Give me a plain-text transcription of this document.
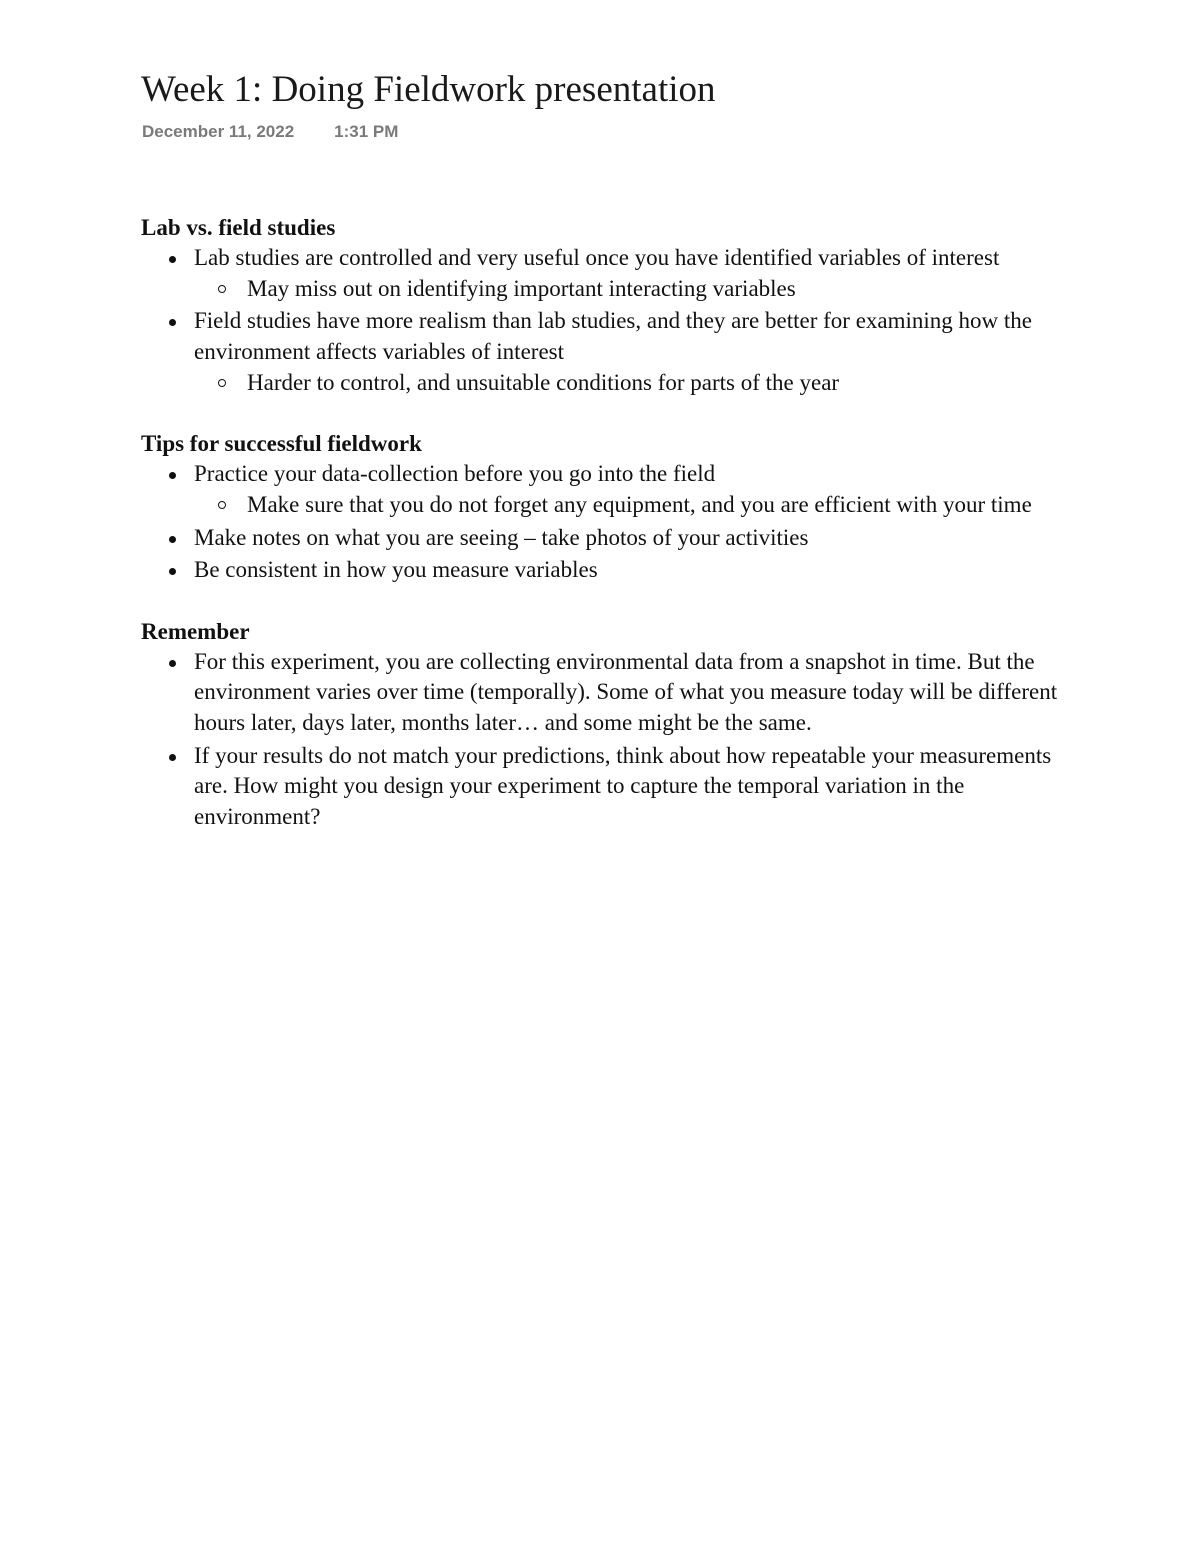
Week 1: Doing Fieldwork presentation
December 11, 2022 1:31 PM

Lab vs. field studies

Lab studies are controlled and very useful once you have identified variables of interest
May miss out on identifying important interacting variables
Field studies have more realism than lab studies, and they are better for examining how the environment affects variables of interest
Harder to control, and unsuitable conditions for parts of the year

Tips for successful fieldwork

Practice your data-collection before you go into the field
Make sure that you do not forget any equipment, and you are efficient with your time
Make notes on what you are seeing – take photos of your activities
Be consistent in how you measure variables

Remember

For this experiment, you are collecting environmental data from a snapshot in time. But the environment varies over time (temporally). Some of what you measure today will be different hours later, days later, months later… and some might be the same.
If your results do not match your predictions, think about how repeatable your measurements are. How might you design your experiment to capture the temporal variation in the environment?
